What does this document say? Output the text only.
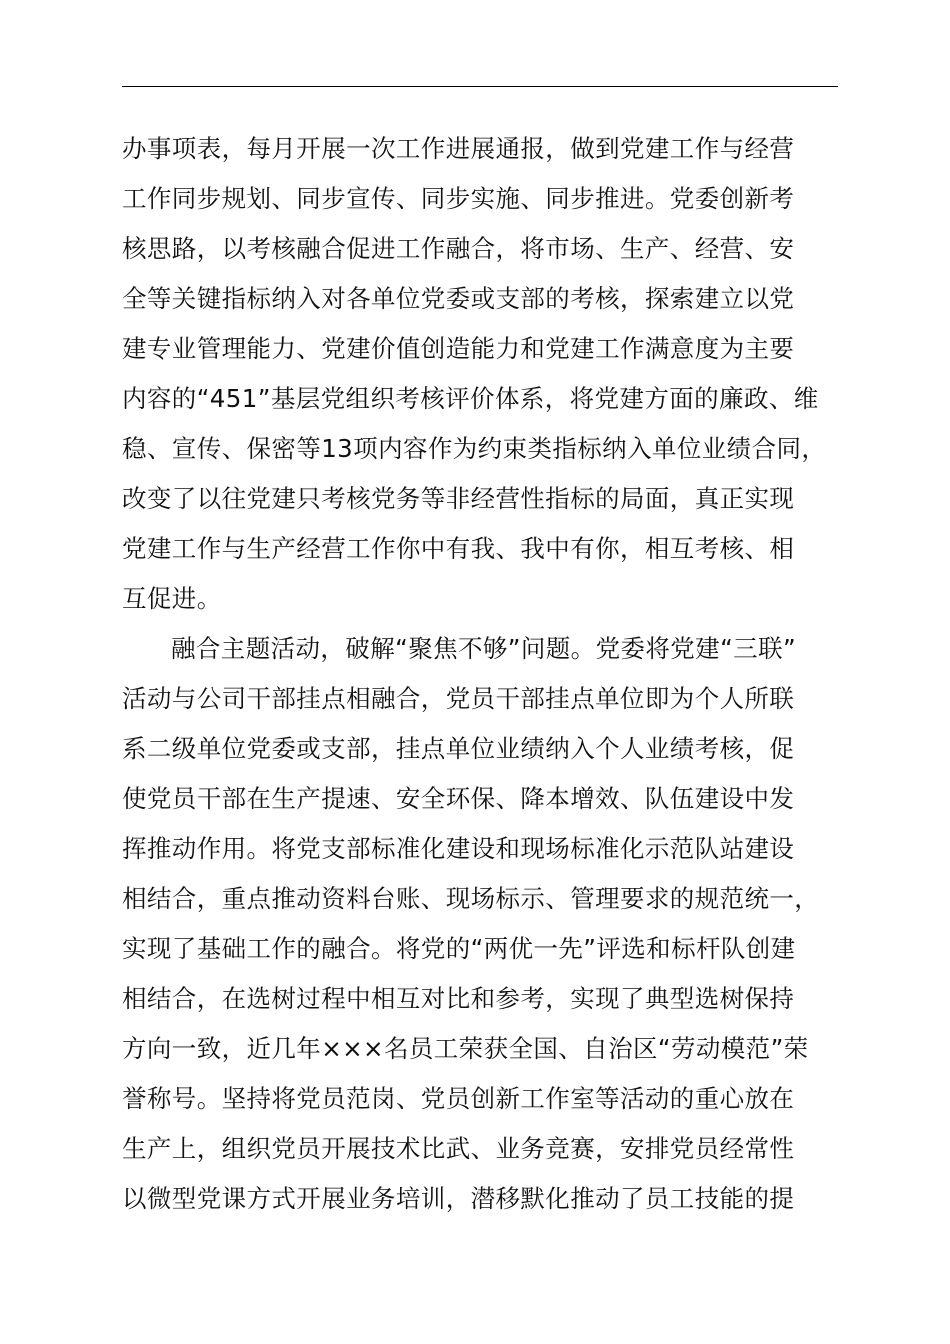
办事项表，每月开展一次工作进展通报，做到党建工作与经营
工作同步规划、同步宣传、同步实施、同步推进。党委创新考
核思路，以考核融合促进工作融合，将市场、生产、经营、安
全等关键指标纳入对各单位党委或支部的考核，探索建立以党
建专业管理能力、党建价值创造能力和党建工作满意度为主要
内容的“451”基层党组织考核评价体系，将党建方面的廉政、维
稳、宣传、保密等13项内容作为约束类指标纳入单位业绩合同，
改变了以往党建只考核党务等非经营性指标的局面，真正实现
党建工作与生产经营工作你中有我、我中有你，相互考核、相
互促进。
融合主题活动，破解“聚焦不够”问题。党委将党建“三联”
活动与公司干部挂点相融合，党员干部挂点单位即为个人所联
系二级单位党委或支部，挂点单位业绩纳入个人业绩考核，促
使党员干部在生产提速、安全环保、降本增效、队伍建设中发
挥推动作用。将党支部标准化建设和现场标准化示范队站建设
相结合，重点推动资料台账、现场标示、管理要求的规范统一，
实现了基础工作的融合。将党的“两优一先”评选和标杆队创建
相结合，在选树过程中相互对比和参考，实现了典型选树保持
方向一致，近几年×××名员工荣获全国、自治区“劳动模范”荣
誉称号。坚持将党员范岗、党员创新工作室等活动的重心放在
生产上，组织党员开展技术比武、业务竞赛，安排党员经常性
以微型党课方式开展业务培训，潜移默化推动了员工技能的提
